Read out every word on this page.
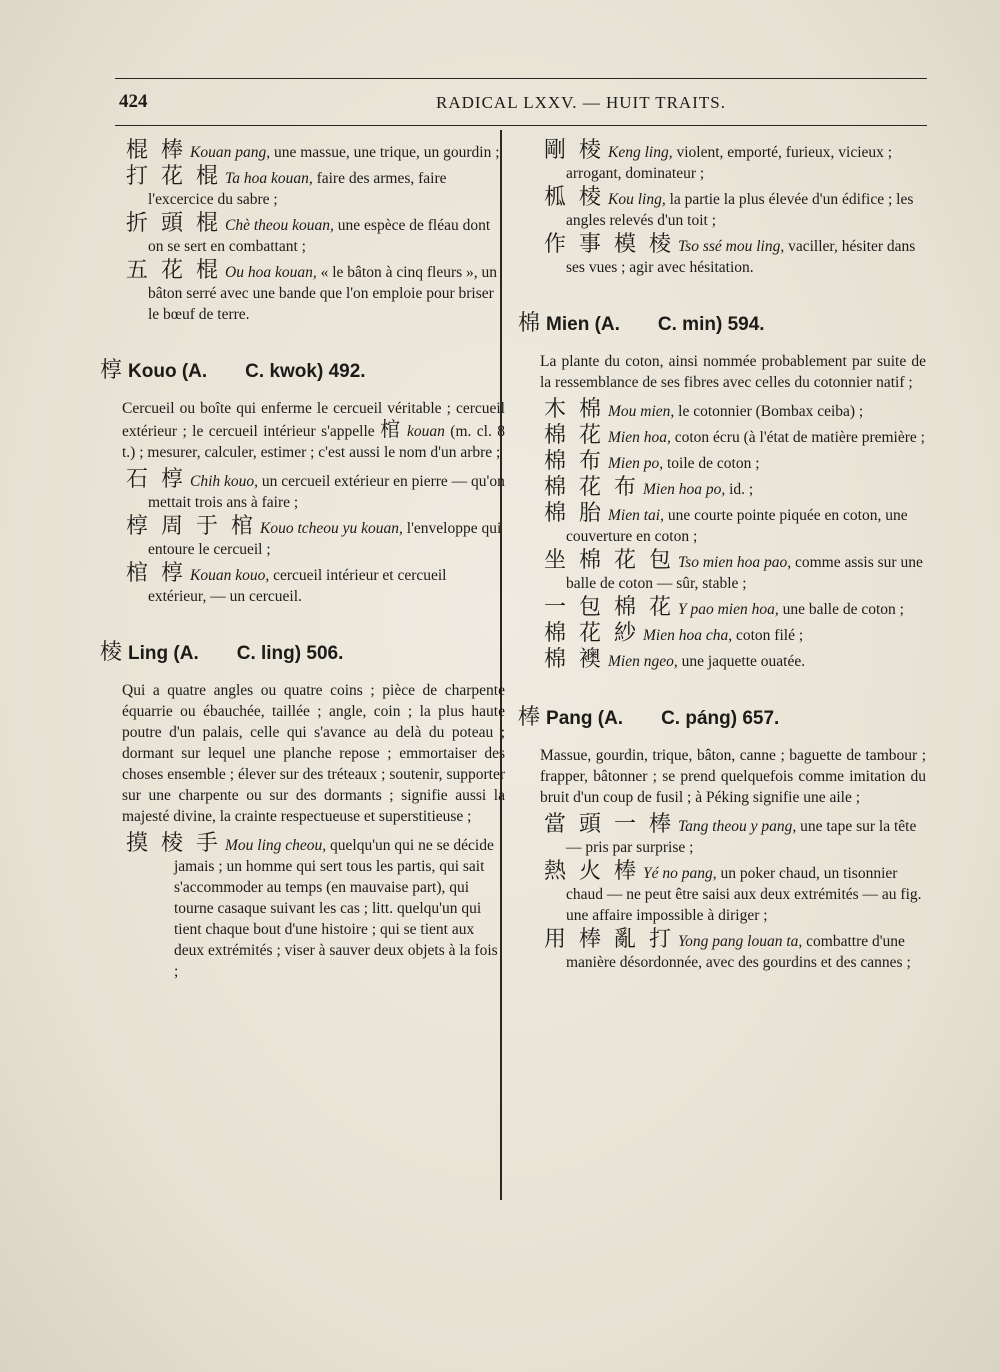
424	RADICAL LXXV. — HUIT TRAITS.
棍 棒 Kouan pang, une massue, une trique, un gourdin ;
打 花 棍 Ta hoa kouan, faire des armes, faire l'excercice du sabre ;
折 頭 棍 Chè theou kouan, une espèce de fléau dont on se sert en combattant ;
五 花 棍 Ou hoa kouan, « le bâton à cinq fleurs », un bâton serré avec une bande que l'on emploie pour briser le bœuf de terre.
椁 Kouo (A. C. kwok) 492.
Cercueil ou boîte qui enferme le cercueil véritable ; cercueil extérieur ; le cercueil intérieur s'appelle 棺 kouan (m. cl. 8 t.) ; mesurer, calculer, estimer ; c'est aussi le nom d'un arbre ;
石 椁 Chih kouo, un cercueil extérieur en pierre — qu'on mettait trois ans à faire ;
椁 周 于 棺 Kouo tcheou yu kouan, l'enveloppe qui entoure le cercueil ;
棺 椁 Kouan kouo, cercueil intérieur et cercueil extérieur, — un cercueil.
棱 Ling (A. C. ling) 506.
Qui a quatre angles ou quatre coins ; pièce de charpente équarrie ou ébauchée, taillée ; angle, coin ; la plus haute poutre d'un palais, celle qui s'avance au delà du poteau ; dormant sur lequel une planche repose ; emmortaiser des choses ensemble ; élever sur des tréteaux ; soutenir, supporter sur une charpente ou sur des dormants ; signifie aussi la majesté divine, la crainte respectueuse et superstitieuse ;
摸 棱 手 Mou ling cheou, quelqu'un qui ne se décide jamais ; un homme qui sert tous les partis, qui sait s'accommoder au temps (en mauvaise part), qui tourne casaque suivant les cas ; litt. quelqu'un qui tient chaque bout d'une histoire ; qui se tient aux deux extrémités ; viser à sauver deux objets à la fois ;
剛 棱 Keng ling, violent, emporté, furieux, vicieux ; arrogant, dominateur ;
柧 棱 Kou ling, la partie la plus élevée d'un édifice ; les angles relevés d'un toit ;
作 事 模 棱 Tso ssé mou ling, vaciller, hésiter dans ses vues ; agir avec hésitation.
棉 Mien (A. C. min) 594.
La plante du coton, ainsi nommée probablement par suite de la ressemblance de ses fibres avec celles du cotonnier natif ;
木 棉 Mou mien, le cotonnier (Bombax ceiba) ;
棉 花 Mien hoa, coton écru (à l'état de matière première ;
棉 布 Mien po, toile de coton ;
棉 花 布 Mien hoa po, id. ;
棉 胎 Mien tai, une courte pointe piquée en coton, une couverture en coton ;
坐 棉 花 包 Tso mien hoa pao, comme assis sur une balle de coton — sûr, stable ;
一 包 棉 花 Y pao mien hoa, une balle de coton ;
棉 花 紗 Mien hoa cha, coton filé ;
棉 襖 Mien ngeo, une jaquette ouatée.
棒 Pang (A. C. páng) 657.
Massue, gourdin, trique, bâton, canne ; baguette de tambour ; frapper, bâtonner ; se prend quelquefois comme imitation du bruit d'un coup de fusil ; à Péking signifie une aile ;
當 頭 一 棒 Tang theou y pang, une tape sur la tête — pris par surprise ;
熱 火 棒 Yé no pang, un poker chaud, un tisonnier chaud — ne peut être saisi aux deux extrémités — au fig. une affaire impossible à diriger ;
用 棒 亂 打 Yong pang louan ta, combattre d'une manière désordonnée, avec des gourdins et des cannes ;
